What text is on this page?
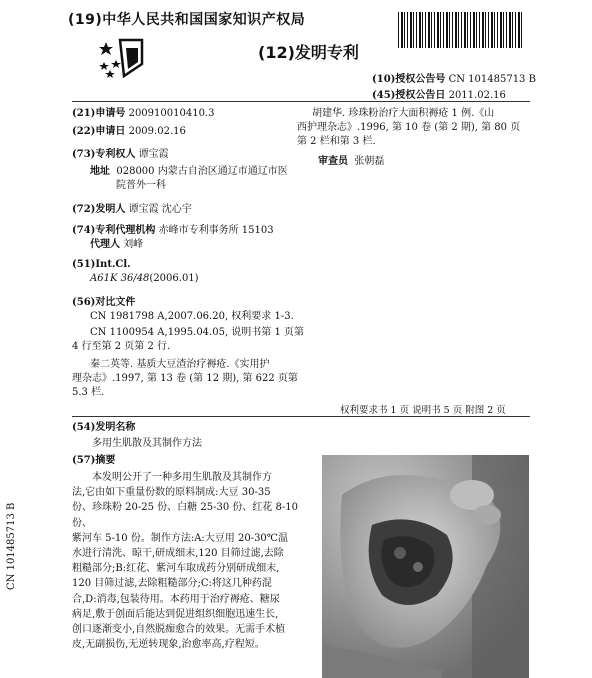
(19)中华人民共和国国家知识产权局
(12)发明专利
(10)授权公告号 CN 101485713 B
(45)授权公告日 2011.02.16
(21)申请号 200910010410.3
(22)申请日 2009.02.16
(73)专利权人 谭宝霞
地址 028000 内蒙古自治区通辽市通辽市医
院普外一科
(72)发明人 谭宝霞 沈心宇
(74)专利代理机构 赤峰市专利事务所 15103
代理人 刘峰
(51)Int.Cl.
A61K 36/48(2006.01)
(56)对比文件
CN 1981798 A,2007.06.20, 权利要求 1-3.
CN 1100954 A,1995.04.05, 说明书第 1 页第
4 行至第 2 页第 2 行.
秦二英等. 基质大豆渣治疗褥疮.《实用护
理杂志》.1997, 第 13 卷 (第 12 期), 第 622 页第
5.3 栏.
胡建华. 珍珠粉治疗大面积褥疮 1 例.《山
西护理杂志》.1996, 第 10 卷 (第 2 期), 第 80 页
第 2 栏和第 3 栏.
审查员 张朝磊
权利要求书 1 页 说明书 5 页 附图 2 页
(54)发明名称
多用生肌散及其制作方法
(57)摘要
本发明公开了一种多用生肌散及其制作方
法,它由如下重量份数的原料制成:大豆 30-35
份、珍珠粉 20-25 份、白糖 25-30 份、红花 8-10 份、
紫河车 5-10 份。制作方法:A:大豆用 20-30℃温
水进行清洗、晾干,研成细末,120 目筛过滤,去除
粗糙部分;B:红花、紫河车取成药分别研成细末,
120 目筛过滤,去除粗糙部分;C:将这几种药混
合,D:消毒,包装待用。本药用于治疗褥疮、糖尿
病足,敷于创面后能达到促进组织细胞迅速生长,
创口逐渐变小,自然脱痂愈合的效果。无需手术植
皮,无副损伤,无逆转现象,治愈率高,疗程短。
CN 101485713 B
